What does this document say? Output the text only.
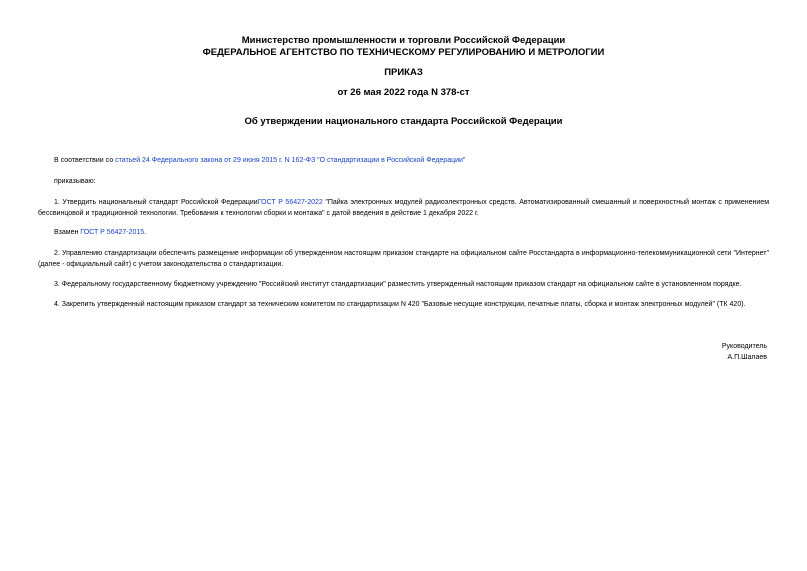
Министерство промышленности и торговли Российской Федерации
ФЕДЕРАЛЬНОЕ АГЕНТСТВО ПО ТЕХНИЧЕСКОМУ РЕГУЛИРОВАНИЮ И МЕТРОЛОГИИ
ПРИКАЗ
от 26 мая 2022 года N 378-ст
Об утверждении национального стандарта Российской Федерации
В соответствии со статьей 24 Федерального закона от 29 июня 2015 г. N 162-ФЗ "О стандартизации в Российской Федерации"
приказываю:
1. Утвердить национальный стандарт Российской ФедерацииГОСТ Р 56427-2022 "Пайка электронных модулей радиоэлектронных средств. Автоматизированный смешанный и поверхностный монтаж с применением бессвинцовой и традиционной технологии. Требования к технологии сборки и монтажа" с датой введения в действие 1 декабря 2022 г.
Взамен ГОСТ Р 56427-2015.
2. Управлению стандартизации обеспечить размещение информации об утвержденном настоящим приказом стандарте на официальном сайте Росстандарта в информационно-телекоммуникационной сети "Интернет" (далее - официальный сайт) с учетом законодательства о стандартизации.
3. Федеральному государственному бюджетному учреждению "Российский институт стандартизации" разместить утвержденный настоящим приказом стандарт на официальном сайте в установленном порядке.
4. Закрепить утвержденный настоящим приказом стандарт за техническим комитетом по стандартизации N 420 "Базовые несущие конструкции, печатные платы, сборка и монтаж электронных модулей" (ТК 420).
Руководитель
А.П.Шалаев
